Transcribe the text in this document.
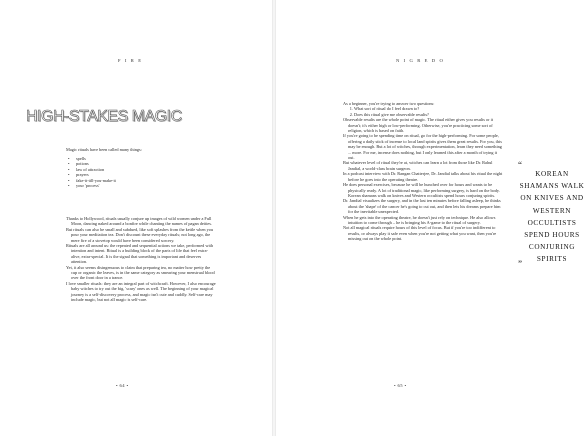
F I R E
HIGH-STAKES MAGIC

Magic rituals have been called many things:

• spells
• potions
• law of attraction
• prayers
• fake-it-till-you-make-it
• your 'process'

Thanks to Hollywood, rituals usually conjure up images of wild women under a Full Moon, dancing naked around a bonfire while chanting the names of pagan deities.

But rituals can also be small and subdued, like soft splashes from the kettle when you pour your meditation tea. Don't discount these everyday rituals; not long ago, the mere fire of a stovetop would have been considered sorcery.

Rituals are all around us: the repeated and sequential actions we take, performed with intention and intent. Ritual is a building block of the parts of life that feel extra-alive, extra-special. It is the signal that something is important and deserves attention.

Yet, it also seems disingenuous to claim that preparing tea, no matter how pretty the cup or organic the leaves, is in the same category as smearing your menstrual blood over the front door in a trance.

I love smaller rituals: they are an integral part of witchcraft. However, I also encourage baby witches to try out the big, 'scary' ones as well. The beginning of your magical journey is a self-discovery process, and magic isn't cute and cuddly. Self-care may include magic, but not all magic is self-care.

• 64 •
N I G R E D O

As a beginner, you're trying to answer two questions:

1. What sort of ritual do I feel drawn to?
2. Does this ritual give me observable results?

Observable results are the whole point of magic. The ritual either gives you results or it doesn't; it's either high or low-performing. Otherwise, you're practicing some sort of religion, which is based on faith.

If you're going to be spending time on ritual, go for the high-performing. For some people, offering a daily stick of incense to local land spirits gives them great results. For you, this may be enough. But a lot of witches, through experimentation, learn they need something ... more. For me, incense does nothing, but I only learned this after a month of trying it out.

But whatever level of ritual they're at, witches can learn a lot from those like Dr. Rahul Jandial, a world-class brain surgeon.

In a podcast interview with Dr. Rangan Chatterjee, Dr. Jandial talks about his ritual the night before he goes into the operating theatre.

He does personal exercises, because he will be hunched over for hours and wants to be physically ready. A lot of traditional magic, like performing surgery, is hard on the body. Korean shamans walk on knives and Western occultists spend hours conjuring spirits.

Dr. Jandial visualizes the surgery, and in the last ten minutes before falling asleep, he thinks about the 'shape' of the cancer he's going to cut out, and then lets his dreams prepare him for the inevitable unexpected.

When he gets into the operating theatre, he doesn't just rely on technique. He also allows intuition to come through – he is bringing his A-game to the ritual of surgery.

Not all magical rituals require hours of this level of focus. But if you're too indifferent to results, or always play it safe even when you're not getting what you want, then you're missing out on the whole point.

“
KOREAN SHAMANS WALK ON KNIVES AND WESTERN OCCULTISTS SPEND HOURS CONJURING SPIRITS
”
• 65 •
